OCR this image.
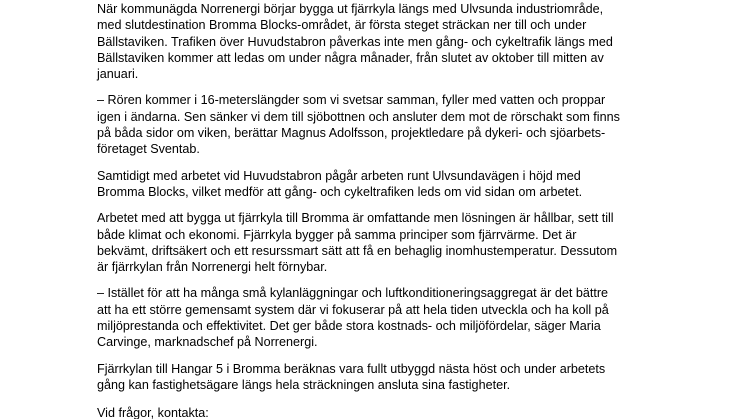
När kommunägda Norrenergi börjar bygga ut fjärrkyla längs med Ulvsunda industriområde,
med slutdestination Bromma Blocks-området, är första steget sträckan ner till och under
Bällstaviken. Trafiken över Huvudstabron påverkas inte men gång- och cykeltrafik längs med
Bällstaviken kommer att ledas om under några månader, från slutet av oktober till mitten av
januari.

– Rören kommer i 16-meterslängder som vi svetsar samman, fyller med vatten och proppar
igen i ändarna. Sen sänker vi dem till sjöbottnen och ansluter dem mot de rörschakt som finns
på båda sidor om viken, berättar Magnus Adolfsson, projektledare på dykeri- och sjöarbets-
företaget Sventab.

Samtidigt med arbetet vid Huvudstabron pågår arbeten runt Ulvsundavägen i höjd med
Bromma Blocks, vilket medför att gång- och cykeltrafiken leds om vid sidan om arbetet.

Arbetet med att bygga ut fjärrkyla till Bromma är omfattande men lösningen är hållbar, sett till
både klimat och ekonomi. Fjärrkyla bygger på samma principer som fjärrvärme. Det är
bekvämt, driftsäkert och ett resurssmart sätt att få en behaglig inomhustemperatur. Dessutom
är fjärrkylan från Norrenergi helt förnybar.

– Istället för att ha många små kylanläggningar och luftkonditioneringsaggregat är det bättre
att ha ett större gemensamt system där vi fokuserar på att hela tiden utveckla och ha koll på
miljöprestanda och effektivitet. Det ger både stora kostnads- och miljöfördelar, säger Maria
Carvinge, marknadschef på Norrenergi.

Fjärrkylan till Hangar 5 i Bromma beräknas vara fullt utbyggd nästa höst och under arbetets
gång kan fastighetsägare längs hela sträckningen ansluta sina fastigheter.

Vid frågor, kontakta:
